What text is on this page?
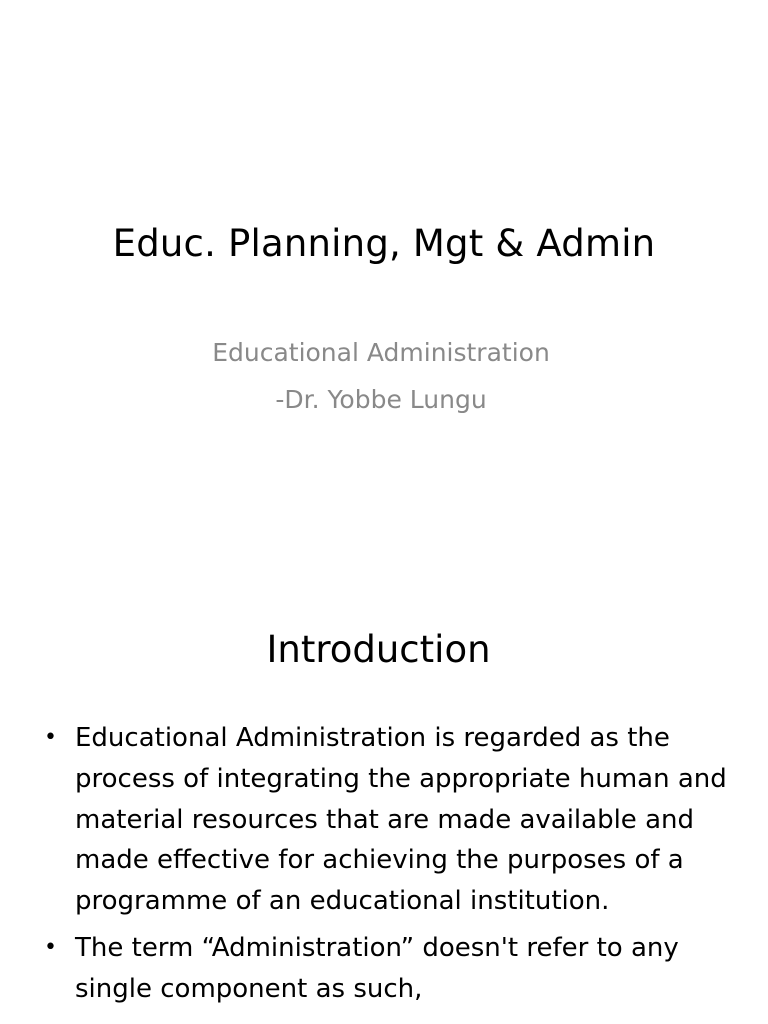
Educ. Planning, Mgt & Admin

Educational Administration

-Dr. Yobbe Lungu

Introduction
• Educational Administration is regarded as the process of integrating the appropriate human and material resources that are made available and made effective for achieving the purposes of a programme of an educational institution.
• The term “Administration” doesn't refer to any single component as such,
